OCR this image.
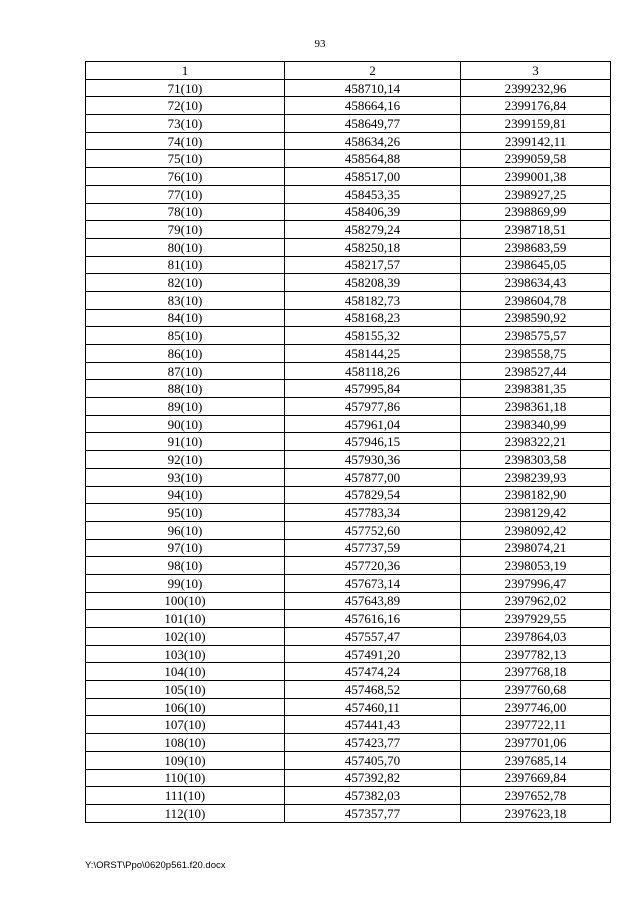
93
1	2	3
71(10)	458710,14	2399232,96
72(10)	458664,16	2399176,84
73(10)	458649,77	2399159,81
74(10)	458634,26	2399142,11
75(10)	458564,88	2399059,58
76(10)	458517,00	2399001,38
77(10)	458453,35	2398927,25
78(10)	458406,39	2398869,99
79(10)	458279,24	2398718,51
80(10)	458250,18	2398683,59
81(10)	458217,57	2398645,05
82(10)	458208,39	2398634,43
83(10)	458182,73	2398604,78
84(10)	458168,23	2398590,92
85(10)	458155,32	2398575,57
86(10)	458144,25	2398558,75
87(10)	458118,26	2398527,44
88(10)	457995,84	2398381,35
89(10)	457977,86	2398361,18
90(10)	457961,04	2398340,99
91(10)	457946,15	2398322,21
92(10)	457930,36	2398303,58
93(10)	457877,00	2398239,93
94(10)	457829,54	2398182,90
95(10)	457783,34	2398129,42
96(10)	457752,60	2398092,42
97(10)	457737,59	2398074,21
98(10)	457720,36	2398053,19
99(10)	457673,14	2397996,47
100(10)	457643,89	2397962,02
101(10)	457616,16	2397929,55
102(10)	457557,47	2397864,03
103(10)	457491,20	2397782,13
104(10)	457474,24	2397768,18
105(10)	457468,52	2397760,68
106(10)	457460,11	2397746,00
107(10)	457441,43	2397722,11
108(10)	457423,77	2397701,06
109(10)	457405,70	2397685,14
110(10)	457392,82	2397669,84
111(10)	457382,03	2397652,78
112(10)	457357,77	2397623,18
Y:\ORST\Ppo\0620p561.f20.docx
